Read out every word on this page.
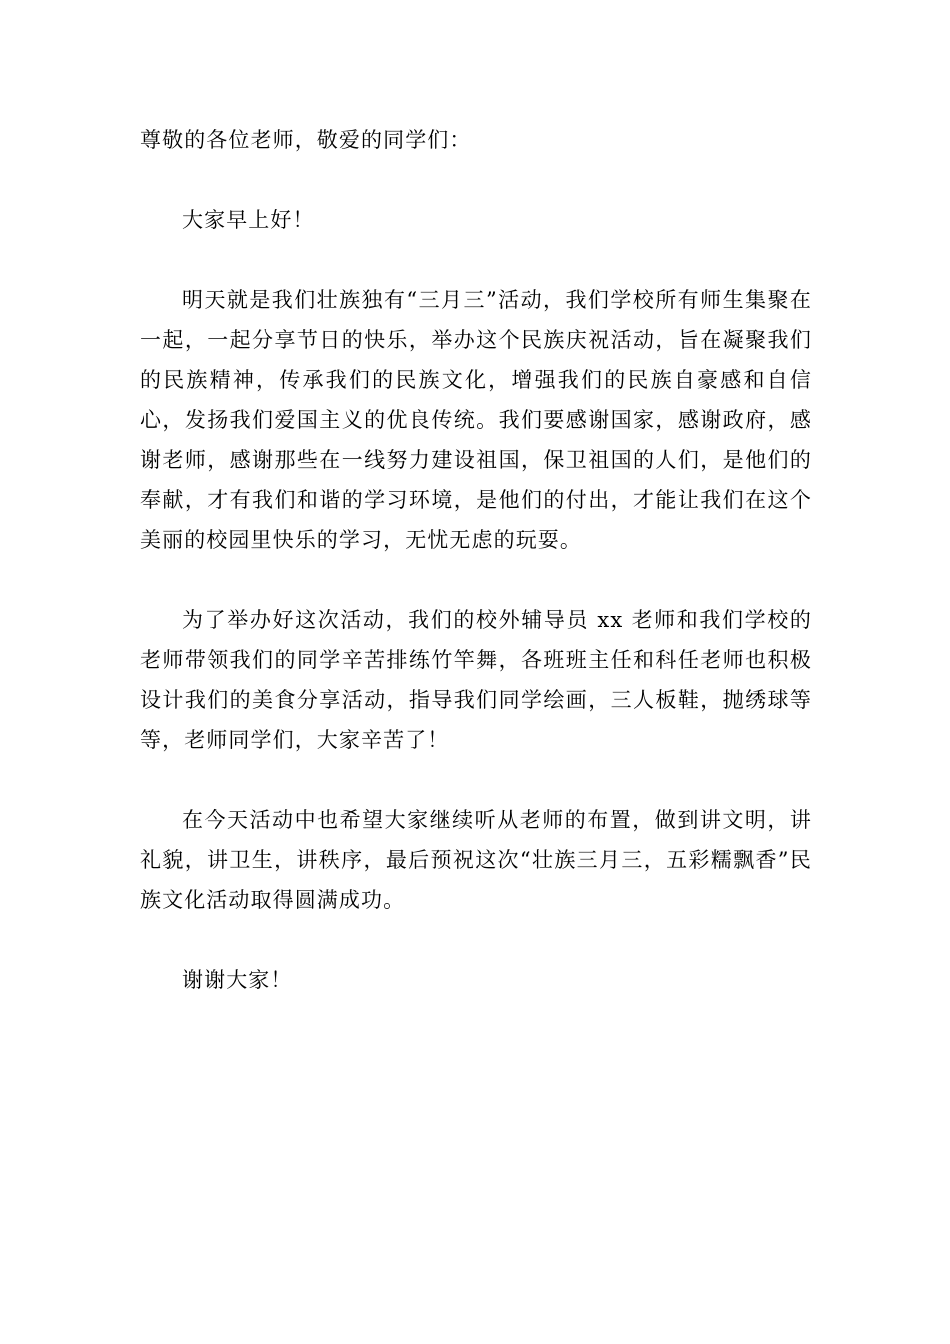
尊敬的各位老师，敬爱的同学们：

大家早上好！

明天就是我们壮族独有“三月三”活动，我们学校所有师生集聚在一起，一起分享节日的快乐，举办这个民族庆祝活动，旨在凝聚我们的民族精神，传承我们的民族文化，增强我们的民族自豪感和自信心，发扬我们爱国主义的优良传统。我们要感谢国家，感谢政府，感谢老师，感谢那些在一线努力建设祖国，保卫祖国的人们，是他们的奉献，才有我们和谐的学习环境，是他们的付出，才能让我们在这个美丽的校园里快乐的学习，无忧无虑的玩耍。

为了举办好这次活动，我们的校外辅导员 xx 老师和我们学校的老师带领我们的同学辛苦排练竹竿舞，各班班主任和科任老师也积极设计我们的美食分享活动，指导我们同学绘画，三人板鞋，抛绣球等等，老师同学们，大家辛苦了！

在今天活动中也希望大家继续听从老师的布置，做到讲文明，讲礼貌，讲卫生，讲秩序，最后预祝这次“壮族三月三，五彩糯飘香”民族文化活动取得圆满成功。

谢谢大家！
